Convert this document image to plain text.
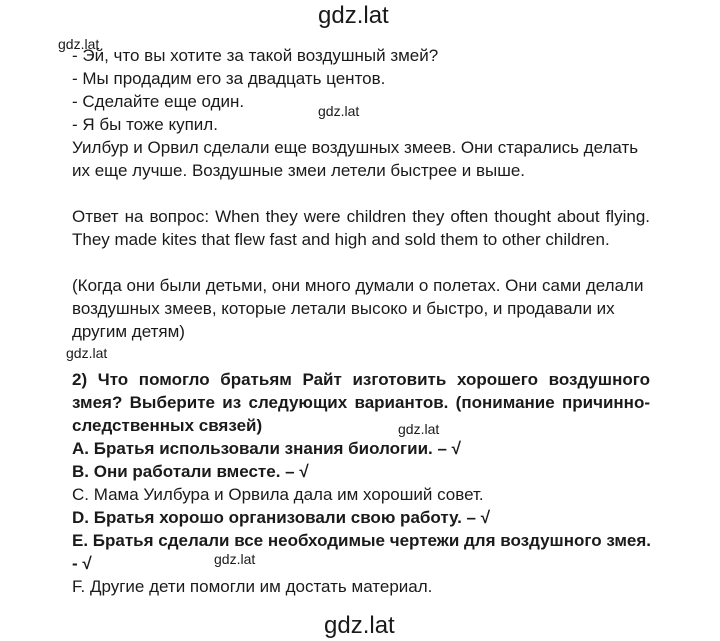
gdz.lat
gdz.lat
gdz.lat
gdz.lat
gdz.lat
gdz.lat
gdz.lat
- Эй, что вы хотите за такой воздушный змей?
- Мы продадим его за двадцать центов.
- Сделайте еще один.
- Я бы тоже купил.
Уилбур и Орвил сделали еще воздушных змеев. Они старались делать их еще лучше. Воздушные змеи летели быстрее и выше.
Ответ на вопрос: When they were children they often thought about flying. They made kites that flew fast and high and sold them to other children.
(Когда они были детьми, они много думали о полетах. Они сами делали воздушных змеев, которые летали высоко и быстро, и продавали их другим детям)
2) Что помогло братьям Райт изготовить хорошего воздушного змея? Выберите из следующих вариантов. (понимание причинно-следственных связей)
А. Братья использовали знания биологии. – √
В. Они работали вместе. – √
С. Мама Уилбура и Орвила дала им хороший совет.
D. Братья хорошо организовали свою работу. – √
Е. Братья сделали все необходимые чертежи для воздушного змея. - √
F. Другие дети помогли им достать материал.
